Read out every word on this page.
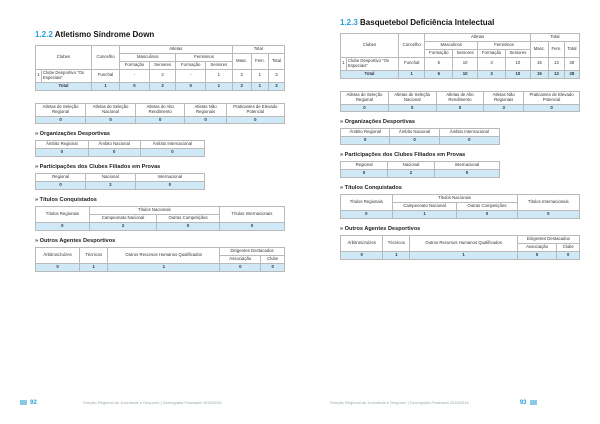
1.2.2 Atletismo Síndrome Down
Clubes		Concelho	Atletas				Total		
			Masculinos		Femininos		Masc.	Fem.	Total
			Formação	Seniores	Formação	Seniores			
1	Clube Desportivo “Os Especiais”	Funchal	-	2	-	1	2	1	3
Total		1	0	2	0	1	2	1	3
Atletas de Seleção Regional	Atletas de Seleção Nacional	Atletas de Alto Rendimento	Atletas Não Regionais	Praticantes de Elevado Potencial
0	0	0	0	0
» Organizações Desportivas
Âmbito Regional	Âmbito Nacional	Âmbito Internacional
0	0	0
» Participações dos Clubes Filiados em Provas
Regional	Nacional	Internacional
0	2	0
» Títulos Conquistados
Títulos Regionais	Títulos Nacionais		Títulos Internacionais
	Campeonato Nacional	Outras Competições	
0	2	0	0
» Outros Agentes Desportivos
Árbitros/Juízes	Técnicos	Outros Recursos Humanos Qualificados	Dirigentes Destacados	
			Associação	Clube
0	1	1	0	0
92	Direção Regional de Juventude e Desporto | Demografia Federada 2015/2016
1.2.3 Basquetebol Deficiência Intelectual
Clubes		Concelho	Atletas				Total		
			Masculinos		Femininos		Masc.	Fem.	Total
			Formação	Seniores	Formação	Seniores			
1	Clube Desportivo “Os Especiais”	Funchal	5	10	3	10	15	13	28
Total		1	5	10	3	10	15	13	28
Atletas de Seleção Regional	Atletas de Seleção Nacional	Atletas de Alto Rendimento	Atletas Não Regionais	Praticantes de Elevado Potencial
0	0	0	3	0
» Organizações Desportivas
Âmbito Regional	Âmbito Nacional	Âmbito Internacional
0	0	0
» Participações dos Clubes Filiados em Provas
Regional	Nacional	Internacional
0	2	0
» Títulos Conquistados
Títulos Regionais	Títulos Nacionais		Títulos Internacionais
	Campeonato Nacional	Outras Competições	
0	1	0	0
» Outros Agentes Desportivos
Árbitros/Juízes	Técnicos	Outros Recursos Humanos Qualificados	Dirigentes Destacados	
			Associação	Clube
0	1	1	0	0
Direção Regional de Juventude e Desporto | Demografia Federada 2015/2016	93
